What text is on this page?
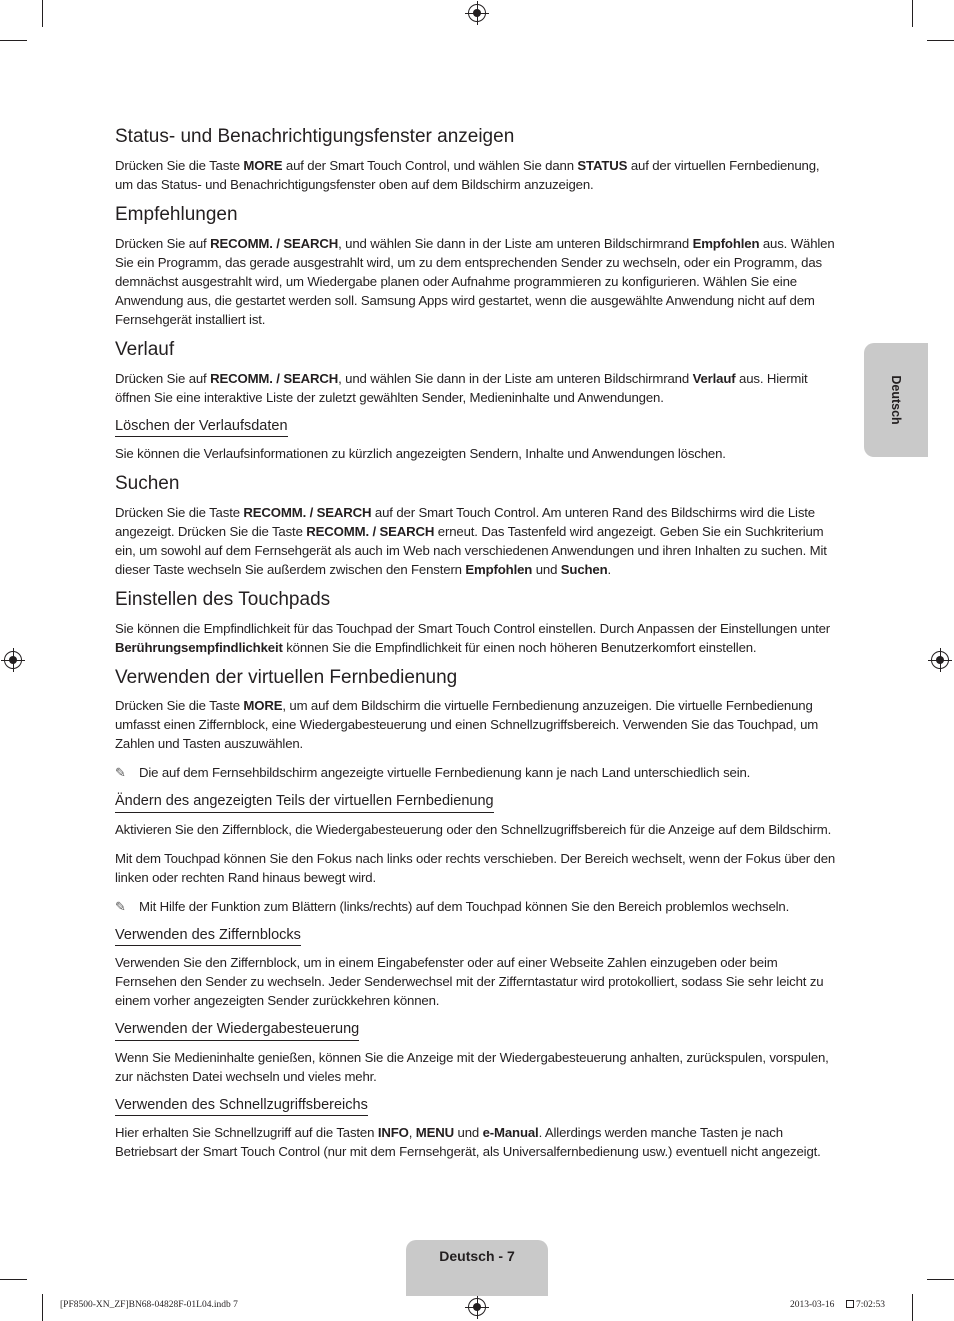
Deutsch
Status- und Benachrichtigungsfenster anzeigen

Drücken Sie die Taste MORE auf der Smart Touch Control, und wählen Sie dann STATUS auf der virtuellen Fernbedienung, um das Status- und Benachrichtigungsfenster oben auf dem Bildschirm anzuzeigen.

Empfehlungen

Drücken Sie auf RECOMM. / SEARCH, und wählen Sie dann in der Liste am unteren Bildschirmrand Empfohlen aus. Wählen Sie ein Programm, das gerade ausgestrahlt wird, um zu dem entsprechenden Sender zu wechseln, oder ein Programm, das demnächst ausgestrahlt wird, um Wiedergabe planen oder Aufnahme programmieren zu konfigurieren. Wählen Sie eine Anwendung aus, die gestartet werden soll. Samsung Apps wird gestartet, wenn die ausgewählte Anwendung nicht auf dem Fernsehgerät installiert ist.

Verlauf

Drücken Sie auf RECOMM. / SEARCH, und wählen Sie dann in der Liste am unteren Bildschirmrand Verlauf aus. Hiermit öffnen Sie eine interaktive Liste der zuletzt gewählten Sender, Medieninhalte und Anwendungen.

Löschen der Verlaufsdaten

Sie können die Verlaufsinformationen zu kürzlich angezeigten Sendern, Inhalte und Anwendungen löschen.

Suchen

Drücken Sie die Taste RECOMM. / SEARCH auf der Smart Touch Control. Am unteren Rand des Bildschirms wird die Liste angezeigt. Drücken Sie die Taste RECOMM. / SEARCH erneut. Das Tastenfeld wird angezeigt. Geben Sie ein Suchkriterium ein, um sowohl auf dem Fernsehgerät als auch im Web nach verschiedenen Anwendungen und ihren Inhalten zu suchen. Mit dieser Taste wechseln Sie außerdem zwischen den Fenstern Empfohlen und Suchen.

Einstellen des Touchpads

Sie können die Empfindlichkeit für das Touchpad der Smart Touch Control einstellen. Durch Anpassen der Einstellungen unter Berührungsempfindlichkeit können Sie die Empfindlichkeit für einen noch höheren Benutzerkomfort einstellen.

Verwenden der virtuellen Fernbedienung

Drücken Sie die Taste MORE, um auf dem Bildschirm die virtuelle Fernbedienung anzuzeigen. Die virtuelle Fernbedienung umfasst einen Ziffernblock, eine Wiedergabesteuerung und einen Schnellzugriffsbereich. Verwenden Sie das Touchpad, um Zahlen und Tasten auszuwählen.

✎ Die auf dem Fernsehbildschirm angezeigte virtuelle Fernbedienung kann je nach Land unterschiedlich sein.

Ändern des angezeigten Teils der virtuellen Fernbedienung

Aktivieren Sie den Ziffernblock, die Wiedergabesteuerung oder den Schnellzugriffsbereich für die Anzeige auf dem Bildschirm.

Mit dem Touchpad können Sie den Fokus nach links oder rechts verschieben. Der Bereich wechselt, wenn der Fokus über den linken oder rechten Rand hinaus bewegt wird.

✎ Mit Hilfe der Funktion zum Blättern (links/rechts) auf dem Touchpad können Sie den Bereich problemlos wechseln.

Verwenden des Ziffernblocks

Verwenden Sie den Ziffernblock, um in einem Eingabefenster oder auf einer Webseite Zahlen einzugeben oder beim Fernsehen den Sender zu wechseln. Jeder Senderwechsel mit der Zifferntastatur wird protokolliert, sodass Sie sehr leicht zu einem vorher angezeigten Sender zurückkehren können.

Verwenden der Wiedergabesteuerung

Wenn Sie Medieninhalte genießen, können Sie die Anzeige mit der Wiedergabesteuerung anhalten, zurückspulen, vorspulen, zur nächsten Datei wechseln und vieles mehr.

Verwenden des Schnellzugriffsbereichs

Hier erhalten Sie Schnellzugriff auf die Tasten INFO, MENU und e-Manual. Allerdings werden manche Tasten je nach Betriebsart der Smart Touch Control (nur mit dem Fernsehgerät, als Universalfernbedienung usw.) eventuell nicht angezeigt.

Deutsch - 7
[PF8500-XN_ZF]BN68-04828F-01L04.indb 7	2013-03-16	7:02:53
